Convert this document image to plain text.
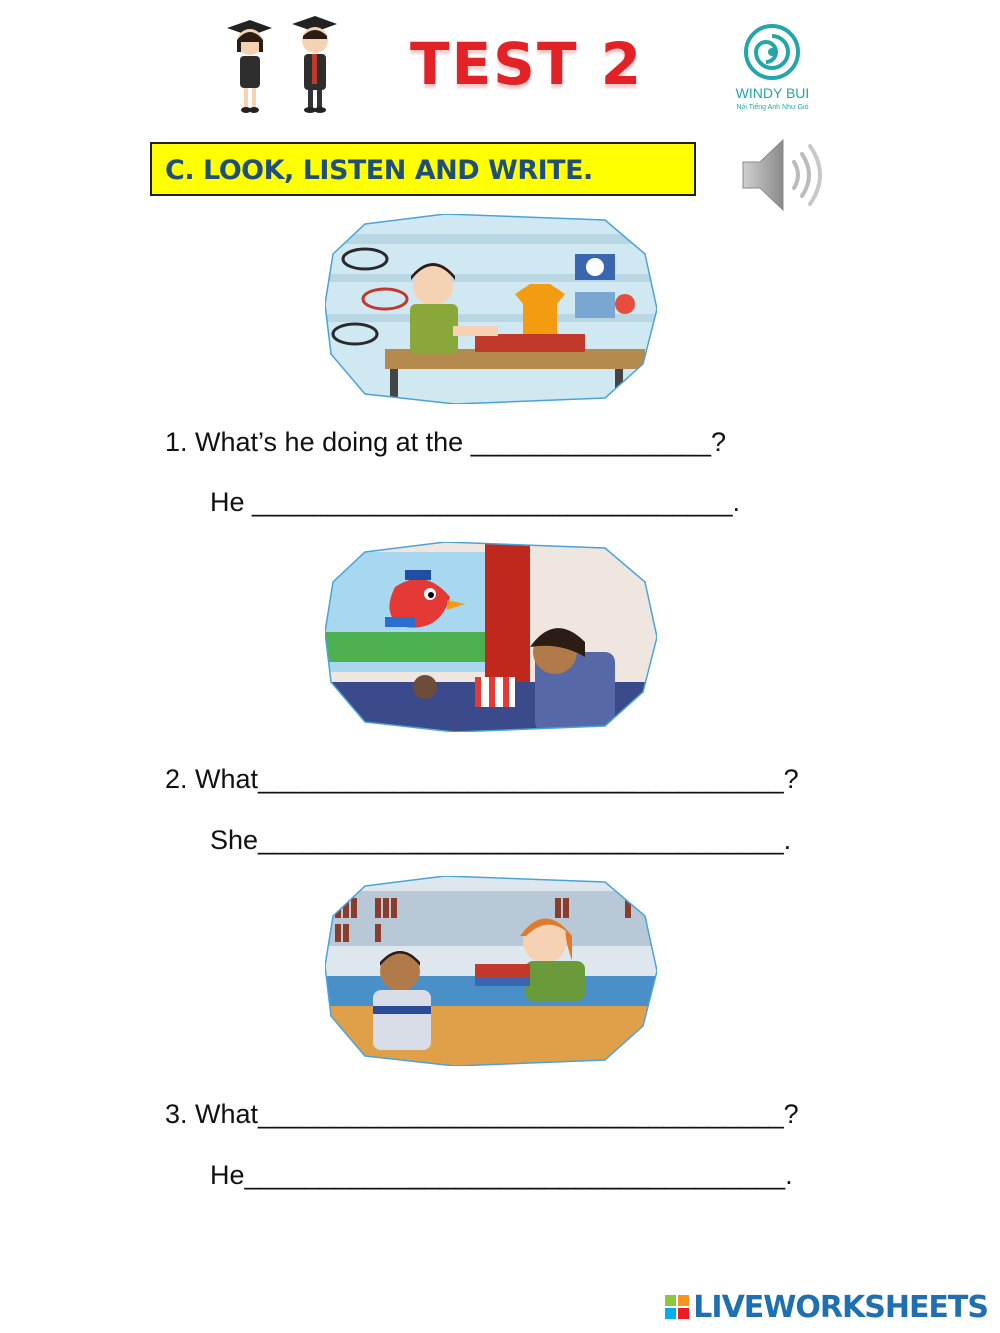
TEST 2	WINDY BUI
Nói Tiếng Anh Như Gió
C. LOOK, LISTEN AND WRITE.
1. What’s he doing at the ________________?
He ________________________________.
2. What___________________________________?
She___________________________________.
3. What___________________________________?
He____________________________________.
LIVEWORKSHEETS
